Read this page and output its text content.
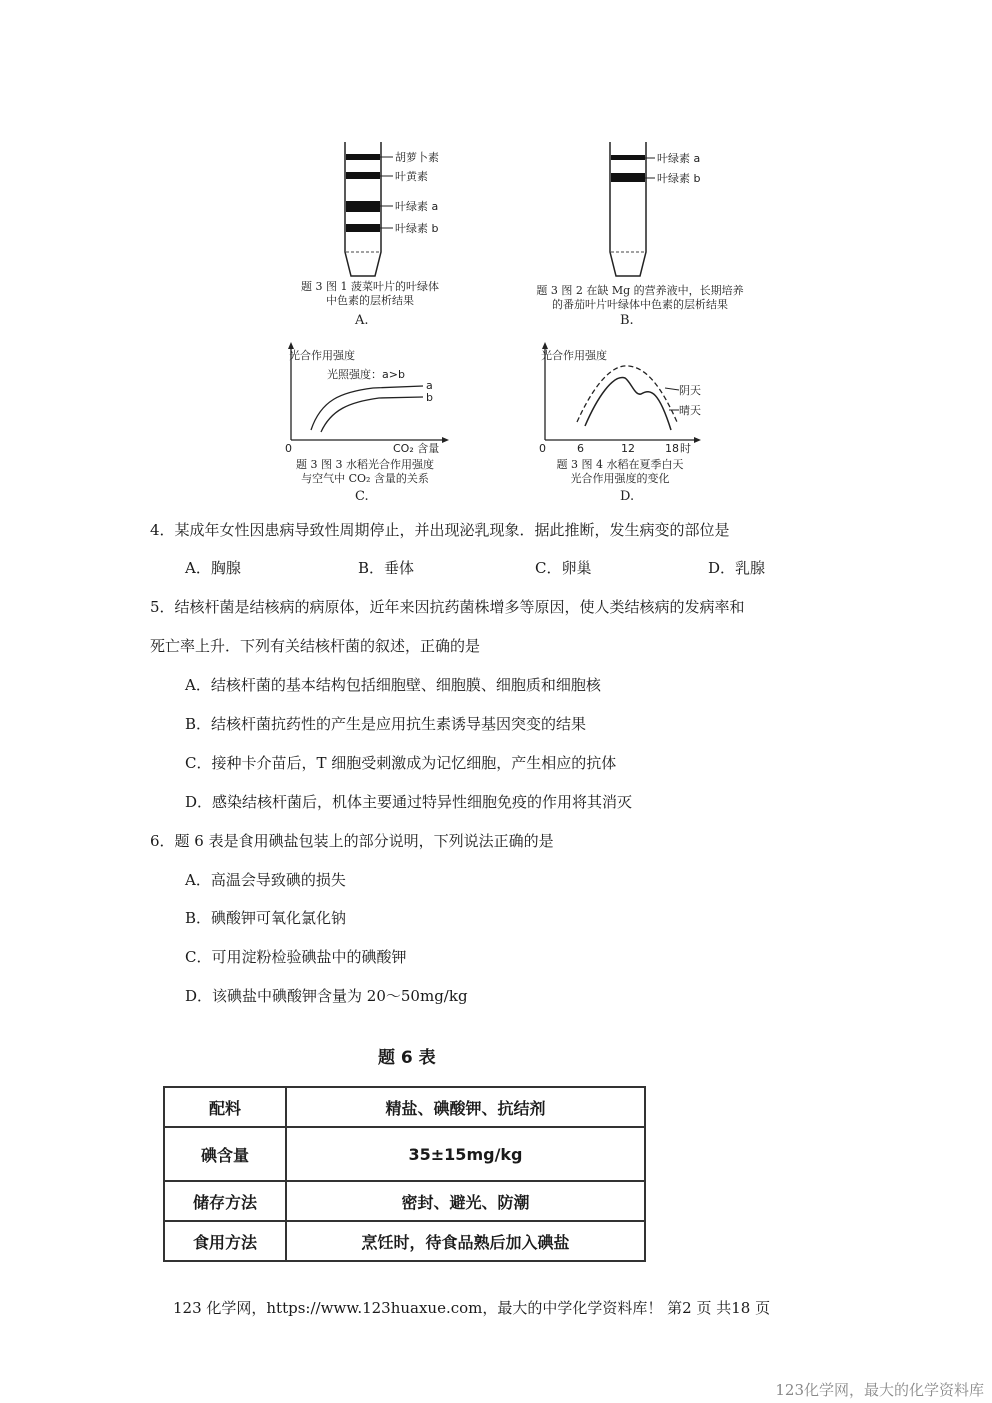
胡萝卜素
叶黄素
叶绿素 a
叶绿素 b
题 3 图 1 菠菜叶片的叶绿体
中色素的层析结果
A.
叶绿素 a
叶绿素 b
题 3 图 2 在缺 Mg 的营养液中，长期培养
的番茄叶片叶绿体中色素的层析结果
B.
光合作用强度
光照强度：a>b
a
b
0	CO₂ 含量
题 3 图 3 水稻光合作用强度
与空气中 CO₂ 含量的关系
C.
光合作用强度
阴天
晴天
0	6	12	18 时
题 3 图 4 水稻在夏季白天
光合作用强度的变化
D.
4．某成年女性因患病导致性周期停止，并出现泌乳现象．据此推断，发生病变的部位是
A．胸腺	B．垂体	C．卵巢	D．乳腺
5．结核杆菌是结核病的病原体，近年来因抗药菌株增多等原因，使人类结核病的发病率和
死亡率上升．下列有关结核杆菌的叙述，正确的是
A．结核杆菌的基本结构包括细胞壁、细胞膜、细胞质和细胞核
B．结核杆菌抗药性的产生是应用抗生素诱导基因突变的结果
C．接种卡介苗后，T 细胞受刺激成为记忆细胞，产生相应的抗体
D．感染结核杆菌后，机体主要通过特异性细胞免疫的作用将其消灭
6．题 6 表是食用碘盐包装上的部分说明，下列说法正确的是
A．高温会导致碘的损失
B．碘酸钾可氧化氯化钠
C．可用淀粉检验碘盐中的碘酸钾
D．该碘盐中碘酸钾含量为 20～50mg/kg
题 6 表
配料	精盐、碘酸钾、抗结剂
碘含量	35±15mg/kg
储存方法	密封、避光、防潮
食用方法	烹饪时，待食品熟后加入碘盐
123 化学网，https://www.123huaxue.com，最大的中学化学资料库！ 第2 页 共18 页
123化学网，最大的化学资料库
